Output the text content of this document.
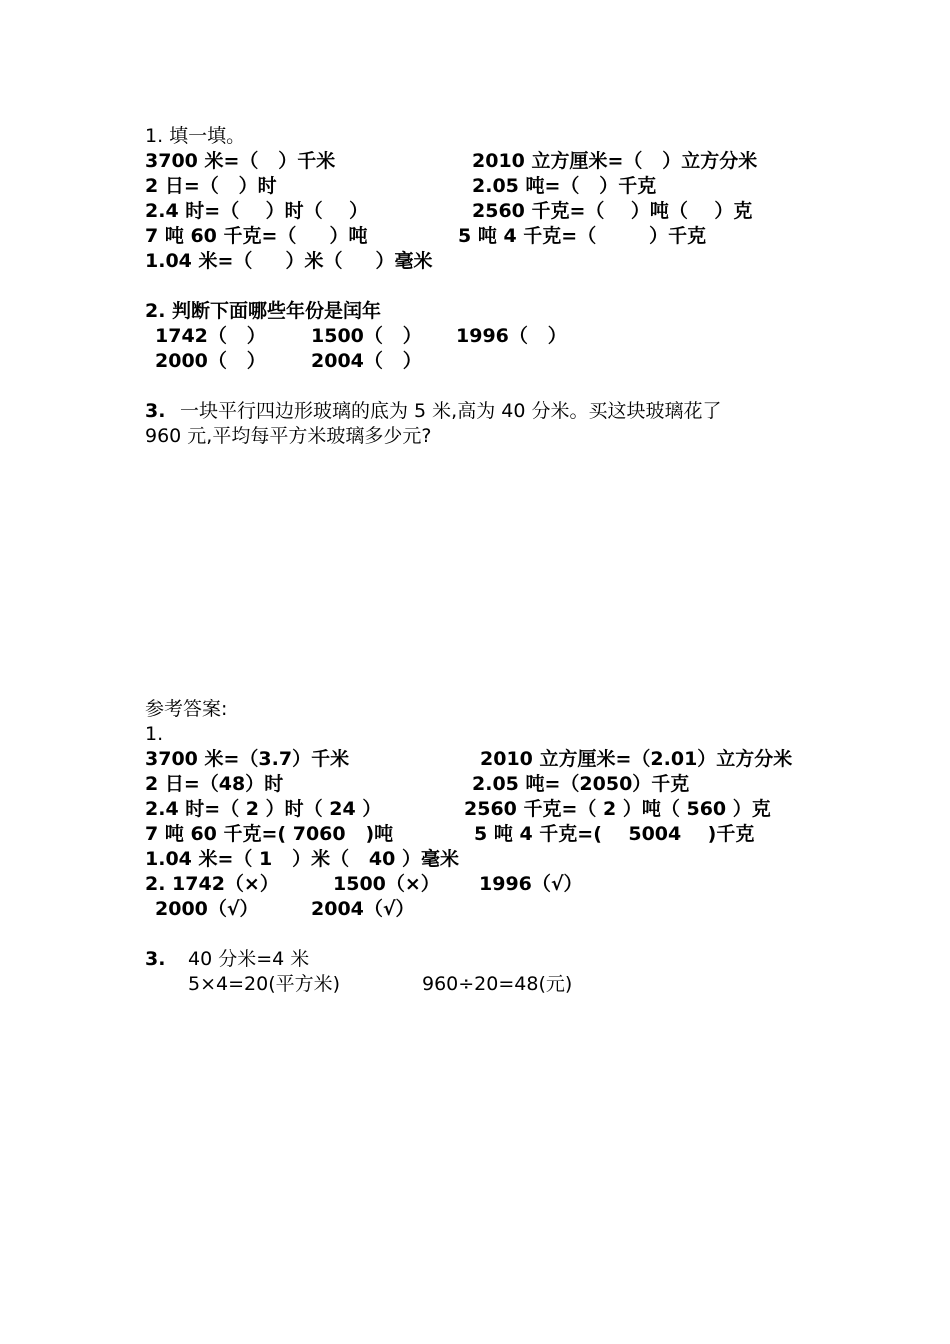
1. 填一填。
3700 米=（   ）千米	2010 立方厘米=（   ）立方分米
2 日=（   ）时	2.05 吨=（   ）千克
2.4 时=（    ）时（    ）	2560 千克=（    ）吨（    ）克
7 吨 60 千克=（     ）吨	5 吨 4 千克=（        ）千克
1.04 米=（     ）米（     ）毫米
2. 判断下面哪些年份是闰年
1742（   ） 1500（   ） 1996（   ）
2000（   ） 2004（   ）
3. 一块平行四边形玻璃的底为 5 米,高为 40 分米。买这块玻璃花了
960 元,平均每平方米玻璃多少元?
参考答案:
1.
3700 米=（3.7）千米	2010 立方厘米=（2.01）立方分米
2 日=（48）时	2.05 吨=（2050）千克
2.4 时=（ 2 ）时（ 24 ）	2560 千克=（ 2 ）吨（ 560 ）克
7 吨 60 千克=( 7060   )吨	5 吨 4 千克=(    5004    )千克
1.04 米=（ 1   ）米（   40 ）毫米
2. 1742（×）	1500（×） 1996（√）
2000（√）	2004（√）
3. 40 分米=4 米
5×4=20(平方米)	960÷20=48(元)
